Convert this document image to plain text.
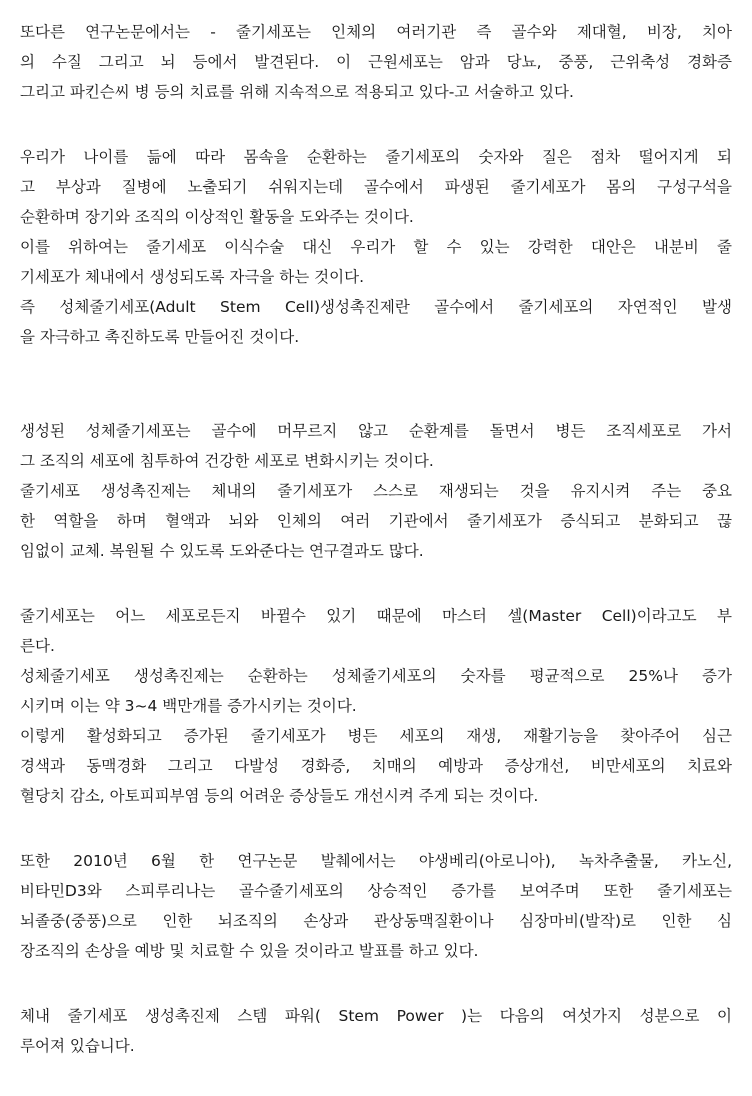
또다른 연구논문에서는 - 줄기세포는 인체의 여러기관 즉 골수와 제대혈, 비장, 치아
의 수질 그리고 뇌 등에서 발견된다. 이 근원세포는 암과 당뇨, 중풍, 근위축성 경화증
그리고 파킨슨씨 병 등의 치료를 위해 지속적으로 적용되고 있다-고 서술하고 있다.
우리가 나이를 듦에 따라 몸속을 순환하는 줄기세포의 숫자와 질은 점차 떨어지게 되
고 부상과 질병에 노출되기 쉬워지는데 골수에서 파생된 줄기세포가 몸의 구성구석을
순환하며 장기와 조직의 이상적인 활동을 도와주는 것이다.
이를 위하여는 줄기세포 이식수술 대신 우리가 할 수 있는 강력한 대안은 내분비 줄
기세포가 체내에서 생성되도록 자극을 하는 것이다.
즉 성체줄기세포(Adult Stem Cell)생성촉진제란 골수에서 줄기세포의 자연적인 발생
을 자극하고 촉진하도록 만들어진 것이다.
생성된 성체줄기세포는 골수에 머무르지 않고 순환계를 돌면서 병든 조직세포로 가서
그 조직의 세포에 침투하여 건강한 세포로 변화시키는 것이다.
줄기세포 생성촉진제는 체내의 줄기세포가 스스로 재생되는 것을 유지시켜 주는 중요
한 역할을 하며 혈액과 뇌와 인체의 여러 기관에서 줄기세포가 증식되고 분화되고 끊
임없이 교체. 복원될 수 있도록 도와준다는 연구결과도 많다.
줄기세포는 어느 세포로든지 바뀔수 있기 때문에 마스터 셀(Master Cell)이라고도 부
른다.
성체줄기세포 생성촉진제는 순환하는 성체줄기세포의 숫자를 평균적으로 25%나 증가
시키며 이는 약 3~4 백만개를 증가시키는 것이다.
이렇게 활성화되고 증가된 줄기세포가 병든 세포의 재생, 재활기능을 찾아주어 심근
경색과 동맥경화 그리고 다발성 경화증, 치매의 예방과 증상개선, 비만세포의 치료와
혈당치 감소, 아토피피부염 등의 어려운 증상들도 개선시켜 주게 되는 것이다.
또한 2010년 6월 한 연구논문 발췌에서는 야생베리(아로니아), 녹차추출물, 카노신,
비타민D3와 스피루리나는 골수줄기세포의 상승적인 증가를 보여주며 또한 줄기세포는
뇌졸중(중풍)으로 인한 뇌조직의 손상과 관상동맥질환이나 심장마비(발작)로 인한 심
장조직의 손상을 예방 및 치료할 수 있을 것이라고 발표를 하고 있다.
체내 줄기세포 생성촉진제 스템 파워( Stem Power )는 다음의 여섯가지 성분으로 이
루어져 있습니다.
